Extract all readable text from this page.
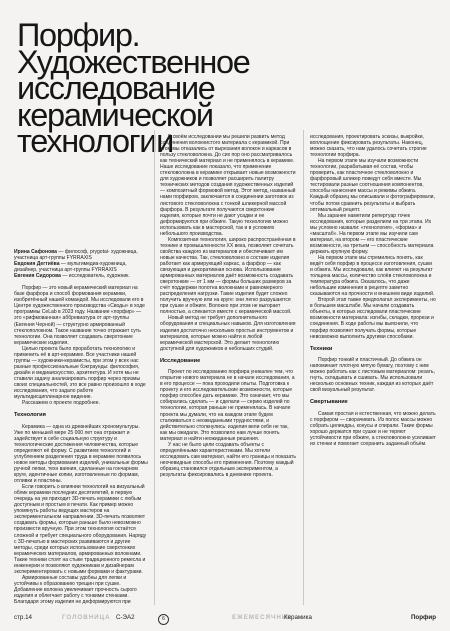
Порфир.
Художественное
исследование
керамической
технологии

Ирина Сафонова — философ, prygotai- художница, участница арт-группы FYRRAXIS

Евдокия Дегтиёва — мультимедиа-художница, дизайнер, участница арт-группы FYRRAXIS

Евгения Сидорова — исследователь, художник.

Порфир — это новый керамический материал на базе фарфора и способ формования керамики, изобретённый нашей командой. Мы исследовали его в Центре художественного производства «Своды» в ходе программы CeLab в 2023 году. Название «порфир» — это «рифмованная» аббревиатура от арт-группы (Евгения Черной) — структурно армированный стеклополокном. Такое название точно отражает суть технологии. Она позволяет создавать сверхтонкие керамические изделия.

Целью проекта было проработать технологию и применить её в арт-керамике. Все участники нашей группы — художники-керамисты, при этом у всех нас разные профессиональные бэкграунды: философия, дизайн и медиаискусство, архитектура. И хотя мы не ставили задачу анализировать порфир через призмы своих специальностей, это все равно произошло в ходе исследования, что задало работе мультидисциплинарное видение.

Расскажем о проекте подробнее.

Технология

Керамика — одна из древнейших хрономультуры. Уже по меньшей мере 25 000 лет она отражает и задействует в себе социальную структуру и технологические достижения человечества, которые определяют её форму. С развитием технологий и углублением разделения труда в керамике появилось новое методы формования изделий, уникальные формы ручной лепки, техн ваяния, сделанные на гончарном круге, идентичные копии, изготовленные по формам, отливки и пластины.

Если говорить о влиянии технологий на визуальный облик керамики последних десятилетий, в первую очередь на ум приходит 3D-печать керамики с любым доступным и простым в печати. Как пример можно упомянуть работы ведущих мастеров на экспериментальном направлении. 3D-печать позволяет создавать формы, которые раньше было невозможно произвести вручную. При этом технология остаётся сложной и требует специального оборудования. Наряду с 3D-печатью в мастерских развиваются и другие методы, среди которых использование сверхтонких керамических материалов, армированных волокнами. Такие техники стоят на стыке традиционного ремесла и инженерии и позволяют художникам и дизайнерам экспериментировать с новыми формами и фактурами.

Армированные составы удобны для лепки и устойчивы к образованию трещин при сушке. Добавление волокна увеличивает прочность сырого изделия и облегчает работу с тонкими стенками. Благодаря этому изделия не деформируются при

В своём исследовании мы решили развить метод соединения волокнистого материала с керамикой. При этом мы отказались от вырезания волокон и каркасов в пользу стекловолокна. До сих пор оно рассматривалось как технический материал и не применялось в керамике. Наше исследование показало, что применение стекловолокна в керамике открывает новые возможности для художников и позволяет расширить палитру технических методов создания художественных изделий — композитный формовой метод. Этот метод, названный нами порфиром, заключается в соединении заготовок из листового стекловолокна с тонкой шликерной массой фарфора. В результате получаются сверхтонкие изделия, которые почти не дают усадки и не деформируются при обжиге. Такую технологию можно использовать как в мастерской, так и в условиях небольшого производства.

Композитная технология, широко распространённая в технике и промышленности XX века, позволяет сочетать свойства каждого из материалов и обеспечивает им новые качества. Так, стекловолокно в составе изделия работает как армирующий каркас, а фарфор — как связующая и декоративная основа. Использование армированных материалов даёт возможность создавать сверхтонкие — от 1 мм — формы больших размеров за счёт поддержки полотна волокнами и равномерного распределения нагрузки. Такие изделия будет сложно получить вручную или на круге: они легко разрушаются при сушке и обжиге. Волокно при этом не выгорает полностью, а спекается вместе с керамической массой.

Новый метод не требует дополнительного оборудования и специальных навыков. Для изготовления изделия достаточно нескольких простых инструментов и материалов, которые можно найти в любой керамической мастерской. Это делает технологию доступной для художников и небольших студий.

Исследование

Проект по исследованию порфира уникален тем, что открытие нового материала не в начале исследования, а в его процессе — пока проходили опыты. Подготовка к проекту и его исследовательские возможности, которые порфир способен дать керамике. Это означает, что мы собирались сделать — и сделали — серию изделий по технологии, которая раньше не применялась. В начале проекта мы думали, что на каждом этапе будем сталкиваться с неожиданными трудностями, и действительно столкнулись: изделия вели себя не так, как мы ожидали. Это позволило нам лучше понять материал и найти неожиданные решения.

У нас не было цели создавать объекты с определёнными характеристиками. Мы хотели исследовать сам материал, найти его границы и показать неочевидные способы его применения. Поэтому каждый образец становился отдельным экспериментом, а результаты фиксировались в дневнике проекта.

исследования, проектировать эскизы, выкройки, воплощение фиксировать результаты. Наконец, можно сказать, что нам удалось сочетать строгие технологии порфира.

На первом этапе мы изучали возможности технологии, разрабатывая её состав, чтобы проверить, как пластичное стекловолокно и фарфоровый шликер поведут себя вместе. Мы тестировали разные соотношения компонентов, способы нанесения массы и режимы обжига. Каждый образец мы описывали и фотографировали, чтобы потом сравнить результаты и выбрать оптимальный рецепт.

Мы заранее наметили репертуар точек исследования, которые разделили на три этапа. Их мы условно назвали: «технология», «форма» и «масштаб». На первом этапе мы изучили сам материал, на втором — его пластические возможности, на третьем — способность материала держать крупную форму.

На первом этапе мы стремились понять, как ведёт себя порфир в процессе изготовления, сушки и обжига. Мы исследовали, как влияют на результат толщина массы, количество слоёв стекловолокна и температура обжига. Оказалось, что даже небольшие изменения в рецепте заметно сказываются на прочности и внешнем виде изделий.

Второй этап также предполагал эксперименты, но в большем масштабе. Мы начали создавать объекты, в которых исследовали пластические возможности материала: изгибы, складки, прорези и соединения. В ходе работы мы выяснили, что порфир позволяет получать формы, которые невозможно выполнить другими способами.

Техники

Порфир тонкий и пластичный. До обжига он напоминает плотную мятую бумагу, поэтому с ним можно работать как с листовым материалом: резать, гнуть, складывать и сшивать. Мы использовали несколько основных техник, каждая из которых даёт свой визуальный результат.

Свертывание

Самая простая и естественная, что можно делать с порфиром — сворачивать. Из полос массы можно собрать цилиндры, конусы и спирали. Такие формы хорошо держатся при сушке и не теряют устойчивости при обжиге, а стекловолокно усиливает их стенки и помогает сохранить заданный объём.

стр.14	ГОЛОВНИЦА С-ЭА2	6	ЕЖЕМЕСЯЧНИК
Керамика	Порфир
